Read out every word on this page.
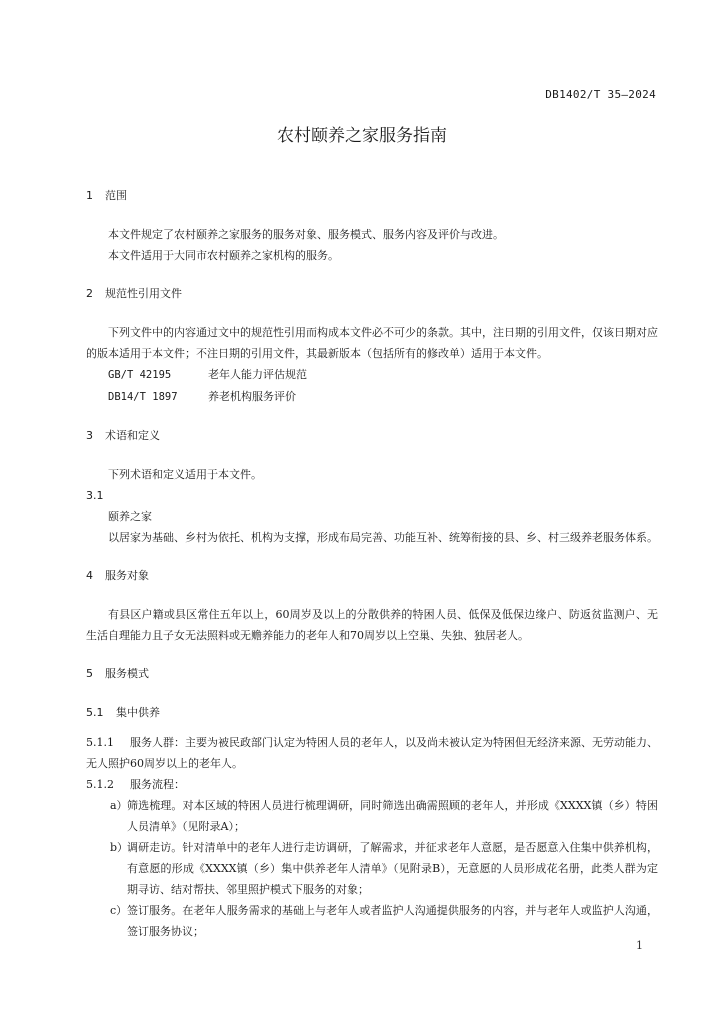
DB1402/T 35—2024
农村颐养之家服务指南
1 范围

本文件规定了农村颐养之家服务的服务对象、服务模式、服务内容及评价与改进。

本文件适用于大同市农村颐养之家机构的服务。

2 规范性引用文件

下列文件中的内容通过文中的规范性引用而构成本文件必不可少的条款。其中，注日期的引用文件，仅该日期对应的版本适用于本文件；不注日期的引用文件，其最新版本（包括所有的修改单）适用于本文件。

GB/T 42195	老年人能力评估规范
DB14/T 1897	养老机构服务评价
3 术语和定义

下列术语和定义适用于本文件。

3.1
颐养之家

以居家为基础、乡村为依托、机构为支撑，形成布局完善、功能互补、统筹衔接的县、乡、村三级养老服务体系。

4 服务对象

有县区户籍或县区常住五年以上，60周岁及以上的分散供养的特困人员、低保及低保边缘户、防返贫监测户、无生活自理能力且子女无法照料或无赡养能力的老年人和70周岁以上空巢、失独、独居老人。

5 服务模式
5.1 集中供养
5.1.1 服务人群：主要为被民政部门认定为特困人员的老年人，以及尚未被认定为特困但无经济来源、无劳动能力、无人照护60周岁以上的老年人。
5.1.2 服务流程：
a） 筛选梳理。对本区域的特困人员进行梳理调研，同时筛选出确需照顾的老年人，并形成《XXXX镇（乡）特困人员清单》（见附录A）；
b）
调研走访。针对清单中的老年人进行走访调研，了解需求，并征求老年人意愿，是否愿意入住集中供养机构，有意愿的形成《XXXX镇（乡）集中供养老年人清单》（见附录B），无意愿的人员形成花名册，此类人群为定期寻访、结对帮扶、邻里照护模式下服务的对象；
c） 签订服务。在老年人服务需求的基础上与老年人或者监护人沟通提供服务的内容，并与老年人或监护人沟通，签订服务协议；
1
